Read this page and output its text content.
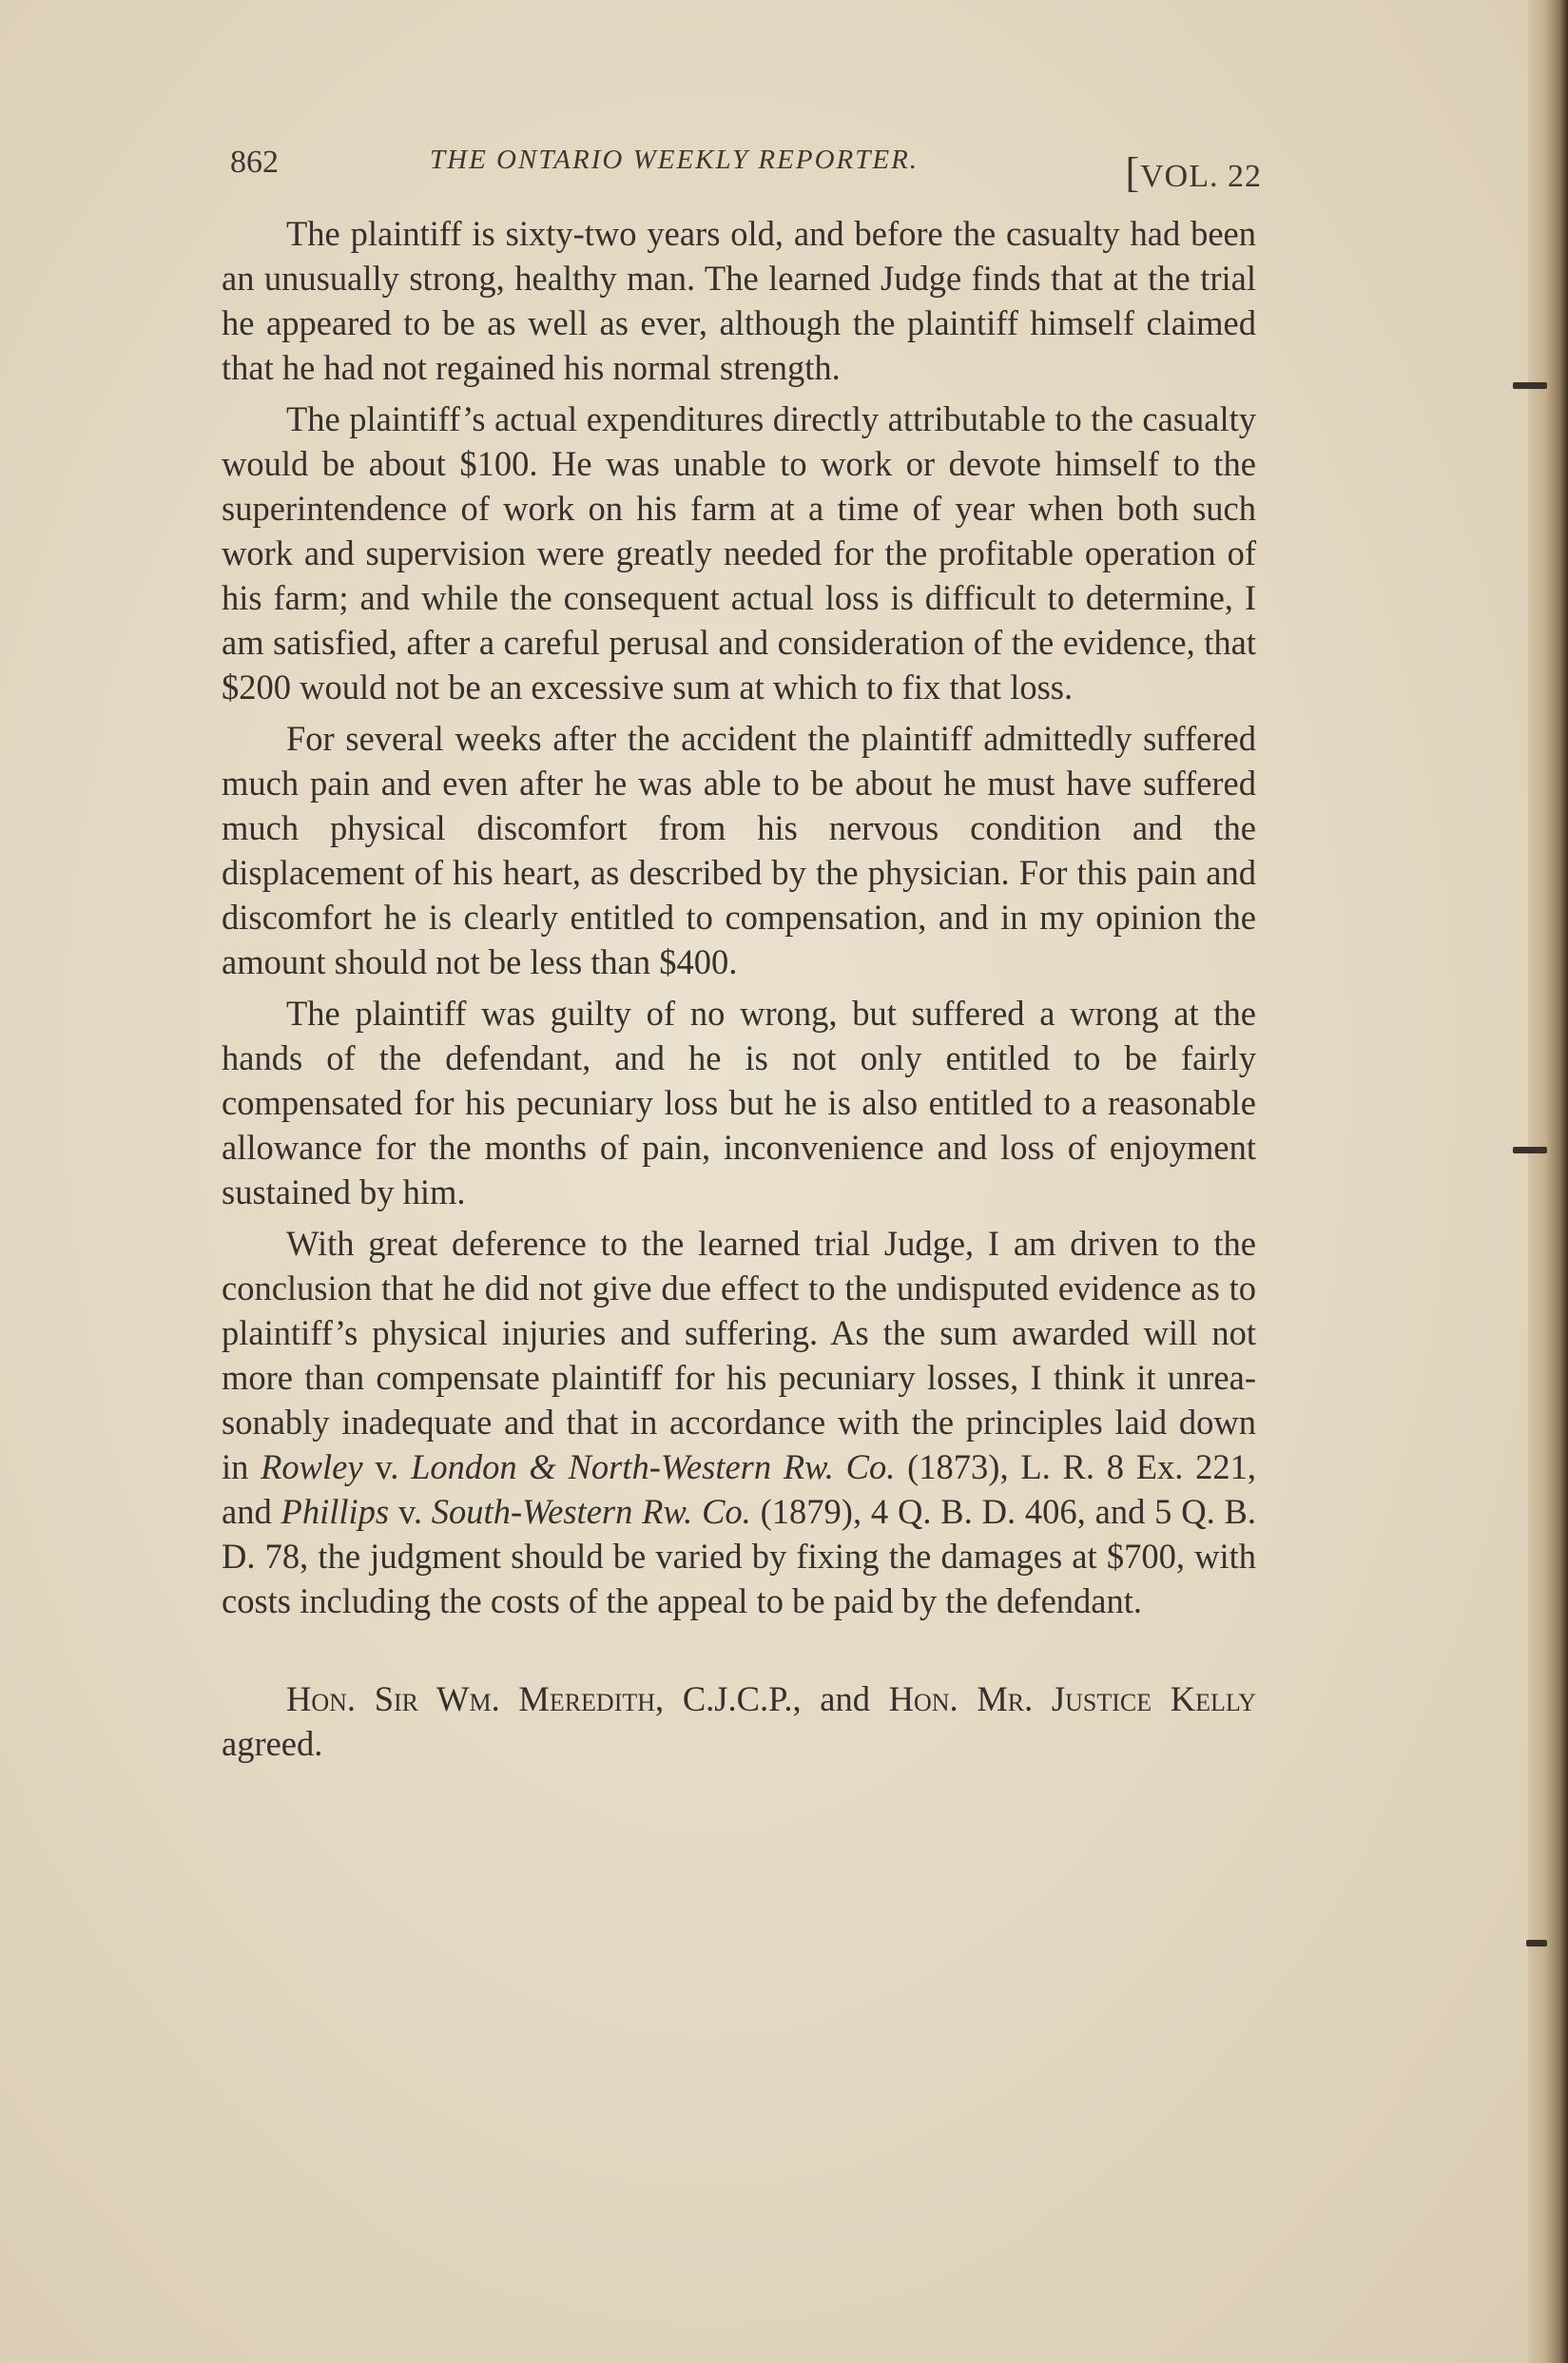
862	THE ONTARIO WEEKLY REPORTER.	[VOL. 22

The plaintiff is sixty-two years old, and before the casualty had been an unusually strong, healthy man. The learned Judge finds that at the trial he appeared to be as well as ever, although the plaintiff himself claimed that he had not regained his normal strength.

The plaintiff’s actual expenditures directly attributable to the casualty would be about $100. He was unable to work or devote himself to the superintendence of work on his farm at a time of year when both such work and supervision were greatly needed for the profitable operation of his farm; and while the consequent actual loss is difficult to determine, I am satisfied, after a careful perusal and consideration of the evidence, that $200 would not be an excessive sum at which to fix that loss.

For several weeks after the accident the plaintiff admittedly suffered much pain and even after he was able to be about he must have suffered much physical discomfort from his nervous condition and the displacement of his heart, as described by the physician. For this pain and discomfort he is clearly entitled to compensation, and in my opinion the amount should not be less than $400.

The plaintiff was guilty of no wrong, but suffered a wrong at the hands of the defendant, and he is not only entitled to be fairly compensated for his pecuniary loss but he is also entitled to a reasonable allowance for the months of pain, inconvenience and loss of enjoyment sustained by him.

With great deference to the learned trial Judge, I am driven to the conclusion that he did not give due effect to the undisputed evidence as to plaintiff’s physical injuries and suffering. As the sum awarded will not more than compensate plaintiff for his pecuniary losses, I think it unreasonably inadequate and that in accordance with the principles laid down in Rowley v. London & North-Western Rw. Co. (1873), L. R. 8 Ex. 221, and Phillips v. South-Western Rw. Co. (1879), 4 Q. B. D. 406, and 5 Q. B. D. 78, the judgment should be varied by fixing the damages at $700, with costs including the costs of the appeal to be paid by the defendant.

Hon. Sir Wm. Meredith, C.J.C.P., and Hon. Mr. Justice Kelly agreed.
